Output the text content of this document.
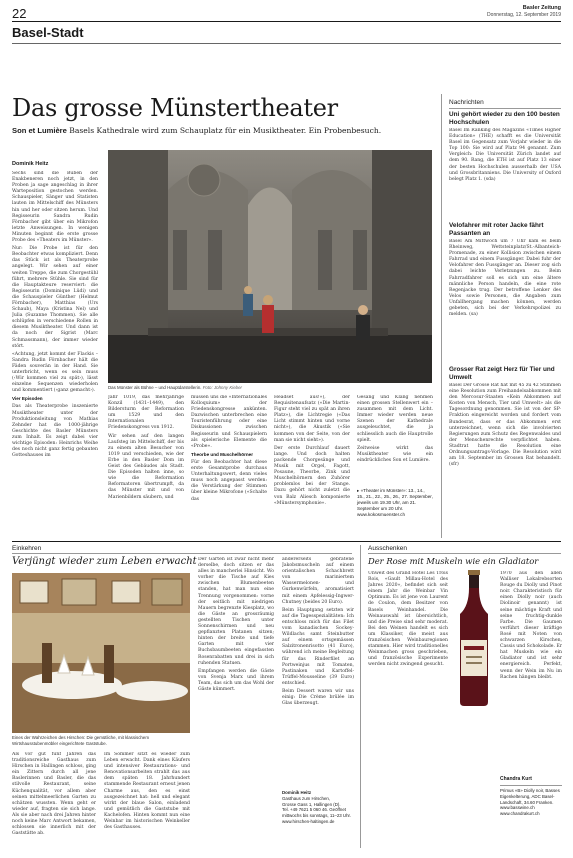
22	Basler Zeitung
Donnerstag, 12. September 2019
Basel-Stadt
Das grosse Münstertheater
Son et Lumière Basels Kathedrale wird zum Schauplatz für ein Musiktheater. Ein Probenbesuch.
Dominik Heitz

Sechs sind die Buben der Enakbeneren noch jetzt, in den Proben ja sage angeschlag in ihrer Warteposition gestochen werden. Schauspieler, Sänger und Statisten lauten im Mittelschiff des Münsters hin und her oder sitzen herum. Und Regisseurin Sandra Rudin Förnbacher gibt über ein Mikrofon letzte Anweisungen. In wenigen Minuten beginnt die erste grosse Probe des «Theaters im Münster».

Nur: Die Probe ist für den Beobachter etwas kompliziert. Denn das Stück ist als Theaterprobe angelegt. Wir sehen auf einer weiten Treppe, die zum Chorgestühl führt, mehrere Stühle. Sie sind für die Hauptakteure reserviert: die Regisseurin (Dominique Lüdi) und die Schauspieler Günther (Helmut Förnbacher), Matthias (Urs Schaub), Maya (Kristina Nel) und Julia (Suzanne Thommen). Sie alle schlüpfen in verschiedene Rollen in diesem Musiktheater. Und dann ist da noch der Sigrist (Marc Schmassmann), der immer wieder stört.

«Achtung, jetzt kommt der Flackis – Sandra Rudin Förnbacher hält die Fäden souverän in der Hand. Sie unterbricht, wenn es sein muss (‹Wir kommen viel zu spät›), lässt einzelne Sequenzen wiederholen und kommentiert (‹ganz gemacht›).

Vier Episoden

Das als Theaterprobe inszenierte Musiktheater unter der Produktionsleitung von Mathias Zehnder hat die 1000-jährige Geschichte des Basler Münsters zum Inhalt. Es zeigt dabei vier wichtige Episoden: Heinrichs Weihe des noch nicht ganz fertig gebauten Gotteshauses im

Das Münster als Bühne – und Hauptdarstellerin. Foto: Johnny Kieber

Jahr 1019, das mehrjährige Konzil (1431–1449), den Bildersturm der Reformation um 1529 und den Internationalen Friedenskongress von 1912.

Wir sehen auf den langen Laufsteg im Mittelschiff, der bis zu einem alten Besucher von 1019 und verschieden, wie der Erbe in den Basler Dom im Geist des Gebäudes als Stadt. Die Episoden halten inne, so wie die Reformation Reformatoren übertrumpft, da das Münster mit und von Marienbildern säubern, und

müssen uns die «Internationales Kolloquium» der Friedenskongresse ankünten. Dazwischen unterbrechen eine Touristenführung oder eine Diskussionen zwischen Regisseurin und Schauspielern als spielerische Elemente die «Probe».

Theorbe und Muschelhörner

Für den Beobachter hat diese erste Gesamtprobe durchaus Unterhaltungswert, denn vieles muss noch angepasst werden: die Verstärkung der Stimmen über kleine Mikrofone («Schalte das

Headset aus!»), der Requisitenaufsatz («Die Martin-Figur steht viel zu spät an ihren Platz»), die Lichtregie («Das Licht stimmt hinten und vorne nicht»), die Akustik («Sie kommen von der Seite, von der man sie nicht sieht»).

Der erste Durchlauf dauert lange. Und doch halten packende Chorgesänge und Musik mit Orgel, Fagott, Posaune, Theorbe, Zink und Muschelhörnern den Zuhörer problemlos bei der Stange. Dazu gehört nicht zuletzt die von Balz Aliesch komponierte «Münstersymphonie».

Gesang und Klang nehmen einen grossen Stellenwert ein – zusammen mit dem Licht. Immer wieder werden neue Szenen der Kathedrale ausgeleuchtet, die ja schliesslich auch die Hauptrolle spielt.

Zeitweise wirkt das Musiktheater wie ein eindrückliches Son et Lumière.

▸ «Theater im Münster»: 13., 14., 15., 21., 22., 25., 26., 27. September, jeweils um 19.30 Uhr, am 21. September um 20 Uhr. www.kokosmuenster.ch
Nachrichten
Uni gehört wieder zu den 100 besten Hochschulen
Basel Im Ranking des Magazins «Times Higher Education» (THE) schafft es die Universität Basel im Gegensatz zum Vorjahr wieder in die Top 100: Sie wird auf Platz 94 genannt. Zum Vergleich: Die Universität Zürich landet auf dem 90. Rang, die ETH ist auf Platz 13 einer der besten Hochschulen ausserhalb der USA und Grossbritanniens. Die University of Oxford belegt Platz 1. (sda)
Velofahrer mit roter Jacke fährt Passanten an
Basel Am Mittwoch um 7 Uhr kam es beim Rheinweg, Wettsteinplatz/St.-Albanteich-Promenade, zu einer Kollision zwischen einem Fahrrad und einem Fussgänger. Dabei fuhr der Velofahrer den Fussgänger an. Dieser zog sich dabei leichte Verletzungen zu. Beim Fahrradfahrer soll es sich um eine ältere männliche Person handeln, die eine rote Regenjacke trug. Der betroffene Lenker des Velos sowie Personen, die Angaben zum Unfallhergang machen können, werden gebeten, sich bei der Verkehrspolizei zu melden. (sa)
Grosser Rat zeigt Herz für Tier und Umwelt
Basel Der Grosse Rat hat mit 45 zu 42 Stimmen eine Resolution zum Freihandelsabkommen mit den Mercosur-Staaten «Kein Abkommen auf Kosten von Mensch, Tier und Umwelt» als die Tagesordnung genommen. Sie ist von der SP-Fraktion eingereicht worden und fordert vom Bundesrat, dass er das Abkommen erst unterzeichnet, wenn sich die involvierten Regierungen zum Schutz des Regenwaldes und der Menschenrechte verpflichtet haben. Stadtrat hatte die Resolution eine Ordnungsantrags-Vorlage. Die Resolution wird am 18. September im Grossen Rat behandelt. (sfr)
Einkehren
Verjüngt wieder zum Leben erwacht
Eines der Wahrzeichen des Hirschen: Die gemütliche, mit klassischem Wirtshausstubenmöbler eingerichtete Gaststube.

Als vor gut fünf Jahren das traditionsreiche Gasthaus zum Hirschen in Hallingen schloss, ging ein Zittern durch all jene Baslerinnen und Basler, die das stilvolle Restaurant, seine Küchenqualität, vor allem aber seinen mittelmeerlichen Garten zu schätzen wussten. Wenn geht er wieder auf, fragten sie sich lange. Als sie aber nach drei Jahren hinter noch keine Marc Antwort bekamen, schlossen sie innerlich mit der Gaststätte ab.

Im Sommer sitzt es wieder zum Leben erwacht. Dank eines Käufers und intensiver Restaurations- und Renovationsarbeiten strahlt das aus dem späten 18. Jahrhundert stammende Restaurant erneut jenen Charme aus, den es einst ausgezeichnet hat: hell und elegant wirkt der blaue Salon, einladend und gemütlich die Gaststube mit Kachelofen. Hinten kommt nun eine Weinbar im historischen Weinkeller des Gasthauses.

Der Garten ist zwar nicht mehr derselbe, doch sitzen er das alles in mancherlei Hinsicht. Wo vorher die Tische auf Kies zwischen Blumenbeeten standen, hat man nun eine Trennung vorgenommen: vorne der seitlich mit niedrigen Mauern begrenzte Kiesplatz, wo die Gäste an grossräumig gestellten Tischen unter Sonnenschirmen und neu gepflanzten Platanen sitzen; hinten der breite und tiefe Garten mit vier Buchsbaumbeeten eingefassten Rosenrabatten und drei in sich ruhenden Statuen.

Empfangen werden die Gäste von Svenja Marx und ihrem Team, das sich um das Wohl der Gäste kümmert.

andererseits gebratene Jakobsmuscheln auf einem orientalischen Schachbrett von mariniertem Wassermelonen- und Gurkenwürfeln, aromatisiert mit einem Apfelessig-Ingwer-Chutney (beides 20 Euro).

Beim Hauptgang setzten wir auf die Tagesspezialitäten: Ich entschloss mich für das Filet vom kanadischen Sockey-Wildlachs samt Steinbutter auf einem ortsgemässen Salzitronenrisotto (41 Euro), während ich meine Begleitung für das Rinderfilet an Portweinjus mit Tomaten, Pastinaken und Kartoffel-Trüffel-Mousseline (39 Euro) entschied.

Beim Dessert waren wir uns einig: Die Crème brûlée im Glas überzeugt.

Dominik Heitz
Gasthaus zum Hirschen,
Grosse Gass 1, Hallingen (D).
Tel. +49 7621 5 060 46. Geöffnet
mittwochs bis sonntags, 11–23 Uhr.
www.hirschen-haltingen.de
Ausschenken
Der Rose mit Muskeln wie ein Gladiator

Unweit des Grand Hotel Les Trois Rois, «Gault Millau-Hotel des Jahres 2020», befindet sich seit einem Jahr die Weinbar Vin Optimum. Es ist jene von Laurent de Coulon, dem Besitzer von Basels Weinhandel. Die Weinauswahl ist übersichtlich, und die Preise sind sehr moderat. Bei den Weinen handelt es sich um Klassiker, die meist aus französischen Weinbauregionen stammen. Hier wird traditionelles Weinmachen gross geschrieben, und französische Experimente werden nicht zwingend gesucht.

1970 aus den allen Walliser Lokalrebsorten Rouge du Diolly und Pinot noir. Charakteristisch für einen Diolly noir (auch Diolinoir genannt) ist seine mächtige Kraft und seine fruchtig-dunkle Farbe. Die Gaumen verführt dieser kräftige Rosé mit Noten von schwarzen Kirschen, Cassis und Schokolade. Er hat Muskeln wie ein Gladiator und ist sehr energiereich. Perfekt, wenn der Wein im Nu im Rachen hängen bleibt.

Chandra Kurt
Primus «B» Diolly noir, Basses Eigenkelterung, ADC Basel-Landschaft, 34.60 Franken. www.basswine.ch www.chandrakurt.ch
